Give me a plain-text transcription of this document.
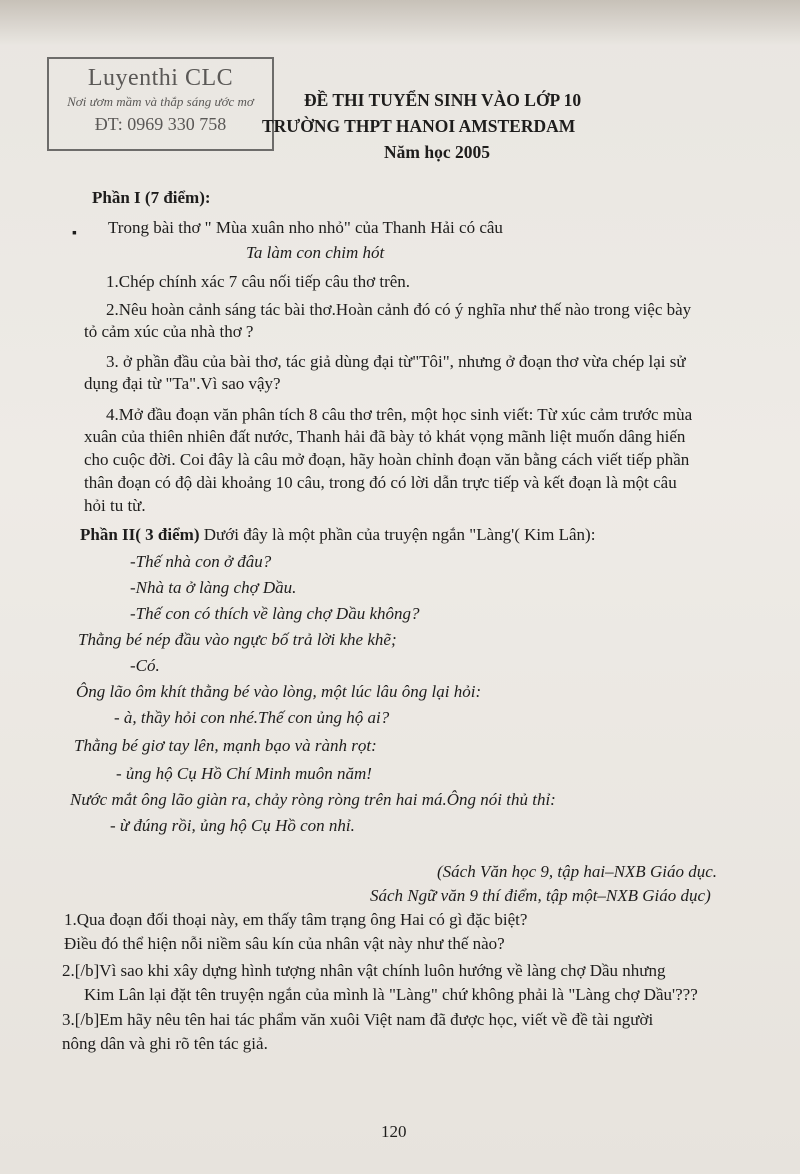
Luyenthi CLC
Nơi ươm mầm và thắp sáng ước mơ
ĐT: 0969 330 758
ĐỀ THI TUYỂN SINH VÀO LỚP 10
TRƯỜNG THPT HANOI AMSTERDAM
Năm học 2005
Phần I (7 điểm):
▪ Trong bài thơ " Mùa xuân nho nhỏ" của Thanh Hải có câu
Ta làm con chim hót
1.Chép chính xác 7 câu nối tiếp câu thơ trên.
2.Nêu hoàn cảnh sáng tác bài thơ.Hoàn cảnh đó có ý nghĩa như thế nào trong việc bày
tỏ cảm xúc của nhà thơ ?
3. ở phần đầu của bài thơ, tác giả dùng đại từ"Tôi", nhưng ở đoạn thơ vừa chép lại sử
dụng đại từ "Ta".Vì sao vậy?
4.Mở đầu đoạn văn phân tích 8 câu thơ trên, một học sinh viết: Từ xúc cảm trước mùa
xuân của thiên nhiên đất nước, Thanh hải đã bày tỏ khát vọng mãnh liệt muốn dâng hiến
cho cuộc đời. Coi đây là câu mở đoạn, hãy hoàn chỉnh đoạn văn bằng cách viết tiếp phần
thân đoạn có độ dài khoảng 10 câu, trong đó có lời dẫn trực tiếp và kết đoạn là một câu
hỏi tu từ.
Phần II( 3 điểm) Dưới đây là một phần của truyện ngắn "Làng'( Kim Lân):
-Thế nhà con ở đâu?
-Nhà ta ở làng chợ Dầu.
-Thế con có thích về làng chợ Dầu không?
Thằng bé nép đầu vào ngực bố trả lời khe khẽ;
-Có.
Ông lão ôm khít thằng bé vào lòng, một lúc lâu ông lại hỏi:
- à, thầy hỏi con nhé.Thế con ủng hộ ai?
Thằng bé giơ tay lên, mạnh bạo và rành rọt:
- ủng hộ Cụ Hồ Chí Minh muôn năm!
Nước mắt ông lão giàn ra, chảy ròng ròng trên hai má.Ông nói thủ thỉ:
- ừ đúng rồi, ủng hộ Cụ Hồ con nhỉ.
(Sách Văn học 9, tập hai–NXB Giáo dục.
Sách Ngữ văn 9 thí điểm, tập một–NXB Giáo dục)
1.Qua đoạn đối thoại này, em thấy tâm trạng ông Hai có gì đặc biệt?
Điều đó thể hiện nỗi niềm sâu kín của nhân vật này như thế nào?
2.[/b]Vì sao khi xây dựng hình tượng nhân vật chính luôn hướng về làng chợ Dầu nhưng
Kim Lân lại đặt tên truyện ngắn của mình là "Làng" chứ không phải là "Làng chợ Dầu'???
3.[/b]Em hãy nêu tên hai tác phẩm văn xuôi Việt nam đã được học, viết về đề tài người
nông dân và ghi rõ tên tác giả.
120
